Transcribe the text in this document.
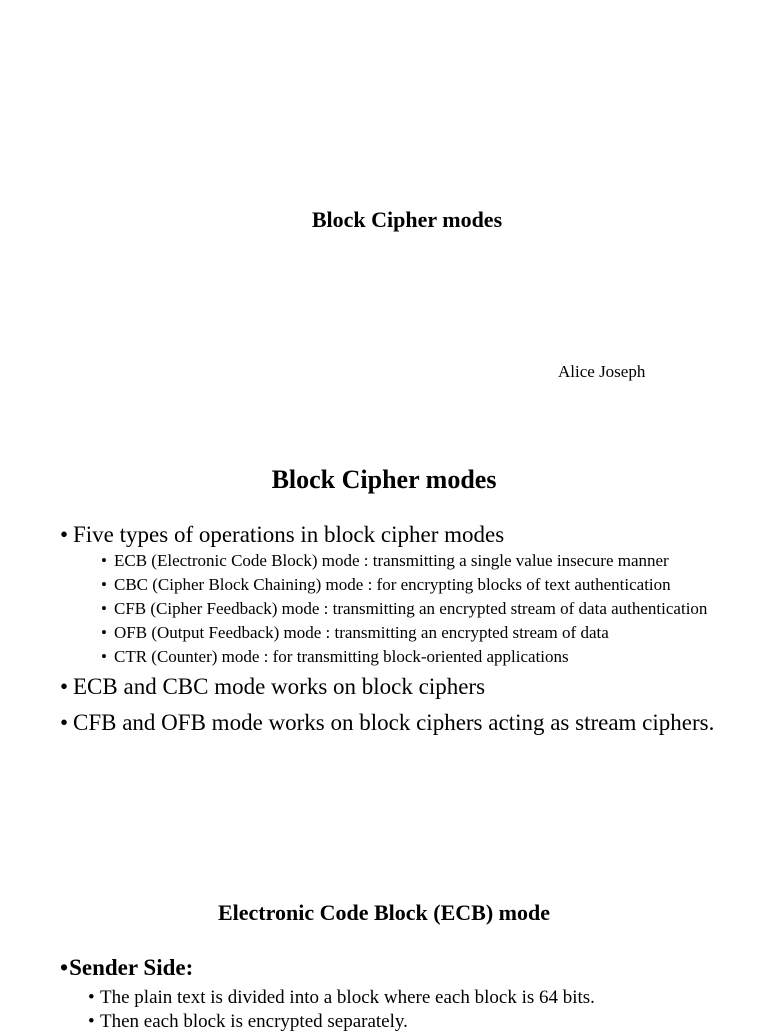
Block Cipher modes
Alice Joseph
Block Cipher modes
• Five types of operations in block cipher modes
• ECB (Electronic Code Block) mode : transmitting a single value insecure manner
• CBC (Cipher Block Chaining) mode : for encrypting blocks of text authentication
• CFB (Cipher Feedback) mode : transmitting an encrypted stream of data authentication
• OFB (Output Feedback) mode : transmitting an encrypted stream of data
• CTR (Counter) mode : for transmitting block-oriented applications
• ECB and CBC mode works on block ciphers
• CFB and OFB mode works on block ciphers acting as stream ciphers.
Electronic Code Block (ECB) mode
•Sender Side:
• The plain text is divided into a block where each block is 64 bits.
• Then each block is encrypted separately.
